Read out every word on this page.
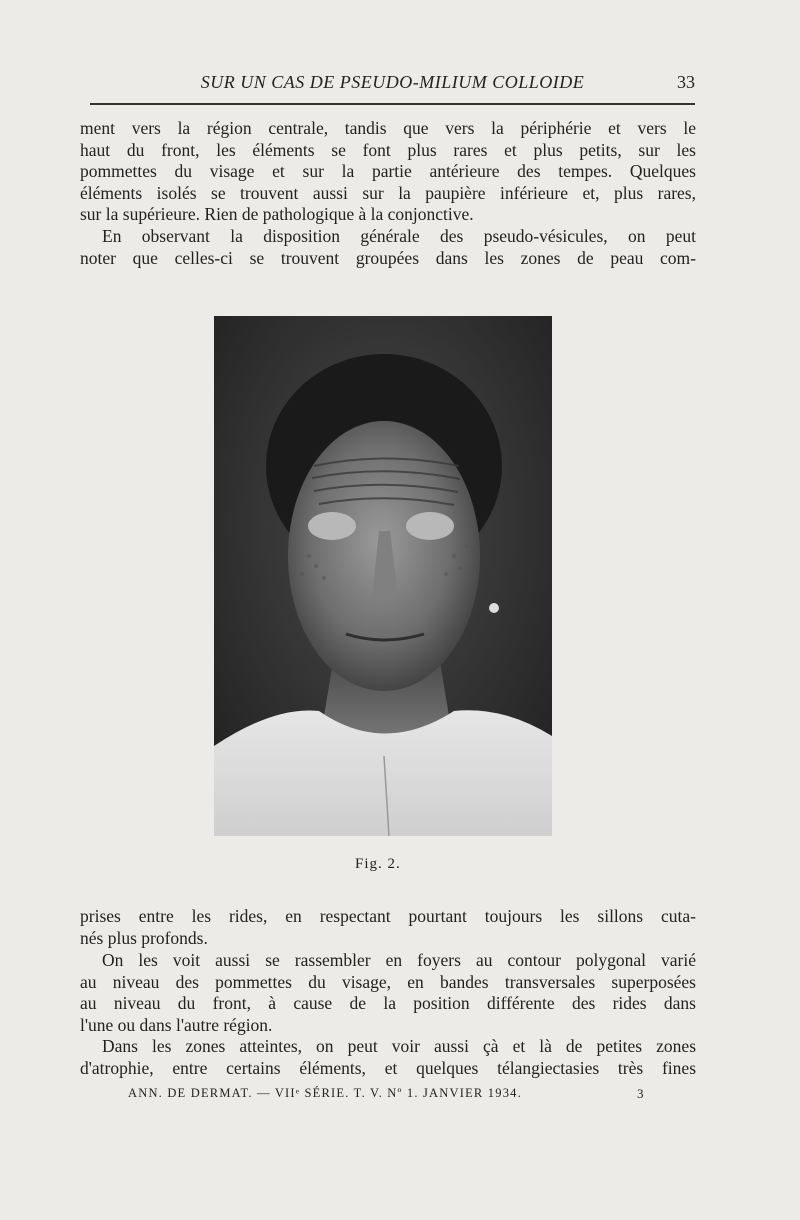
SUR UN CAS DE PSEUDO-MILIUM COLLOIDE	33

ment vers la région centrale, tandis que vers la périphérie et vers le
haut du front, les éléments se font plus rares et plus petits, sur les
pommettes du visage et sur la partie antérieure des tempes. Quelques
éléments isolés se trouvent aussi sur la paupière inférieure et, plus rares,
sur la supérieure. Rien de pathologique à la conjonctive.

En observant la disposition générale des pseudo-vésicules, on peut
noter que celles-ci se trouvent groupées dans les zones de peau com-

Fig. 2.

prises entre les rides, en respectant pourtant toujours les sillons cuta-
nés plus profonds.

On les voit aussi se rassembler en foyers au contour polygonal varié
au niveau des pommettes du visage, en bandes transversales superposées
au niveau du front, à cause de la position différente des rides dans
l'une ou dans l'autre région.

Dans les zones atteintes, on peut voir aussi çà et là de petites zones
d'atrophie, entre certains éléments, et quelques télangiectasies très fines

ANN. DE DERMAT. — VIIᵉ SÉRIE. T. V. Nº 1. JANVIER 1934.	3
